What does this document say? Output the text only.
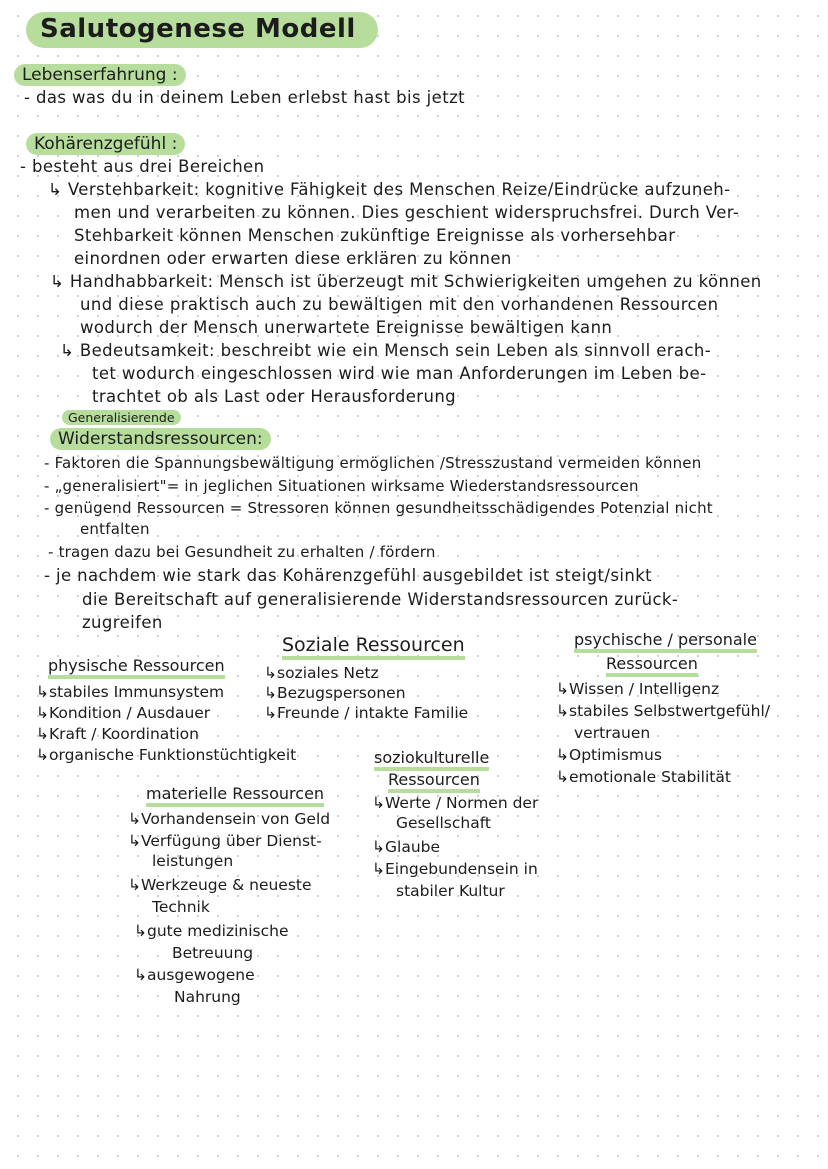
Salutogenese Modell
Lebenserfahrung :
- das was du in deinem Leben erlebst hast bis jetzt
Kohärenzgefühl :
- besteht aus drei Bereichen
↳ Verstehbarkeit: kognitive Fähigkeit des Menschen Reize/Eindrücke aufzuneh-
men und verarbeiten zu können. Dies geschient widerspruchsfrei. Durch Ver-
Stehbarkeit können Menschen zukünftige Ereignisse als vorhersehbar
einordnen oder erwarten diese erklären zu können
↳ Handhabbarkeit: Mensch ist überzeugt mit Schwierigkeiten umgehen zu können
und diese praktisch auch zu bewältigen mit den vorhandenen Ressourcen
wodurch der Mensch unerwartete Ereignisse bewältigen kann
↳ Bedeutsamkeit: beschreibt wie ein Mensch sein Leben als sinnvoll erach-
tet wodurch eingeschlossen wird wie man Anforderungen im Leben be-
trachtet ob als Last oder Herausforderung
Generalisierende
Widerstandsressourcen:
- Faktoren die Spannungsbewältigung ermöglichen /Stresszustand vermeiden können
- „generalisiert"= in jeglichen Situationen wirksame Wiederstandsressourcen
- genügend Ressourcen = Stressoren können gesundheitsschädigendes Potenzial nicht
entfalten
- tragen dazu bei Gesundheit zu erhalten / fördern
- je nachdem wie stark das Kohärenzgefühl ausgebildet ist steigt/sinkt
die Bereitschaft auf generalisierende Widerstandsressourcen zurück-
zugreifen
Soziale Ressourcen
↳ soziales Netz
↳ Bezugspersonen
↳ Freunde / intakte Familie
psychische / personale
Ressourcen
↳ Wissen / Intelligenz
↳ stabiles Selbstwertgefühl/
vertrauen
↳ Optimismus
↳ emotionale Stabilität
physische Ressourcen
↳ stabiles Immunsystem
↳ Kondition / Ausdauer
↳ Kraft / Koordination
↳ organische Funktionstüchtigkeit	soziokulturelle
Ressourcen
↳ Werte / Normen der
Gesellschaft
↳ Glaube
↳ Eingebundensein in
stabiler Kultur
materielle Ressourcen
↳ Vorhandensein von Geld
↳ Verfügung über Dienst-
leistungen
↳ Werkzeuge & neueste
Technik
↳ gute medizinische
Betreuung
↳ ausgewogene
Nahrung
